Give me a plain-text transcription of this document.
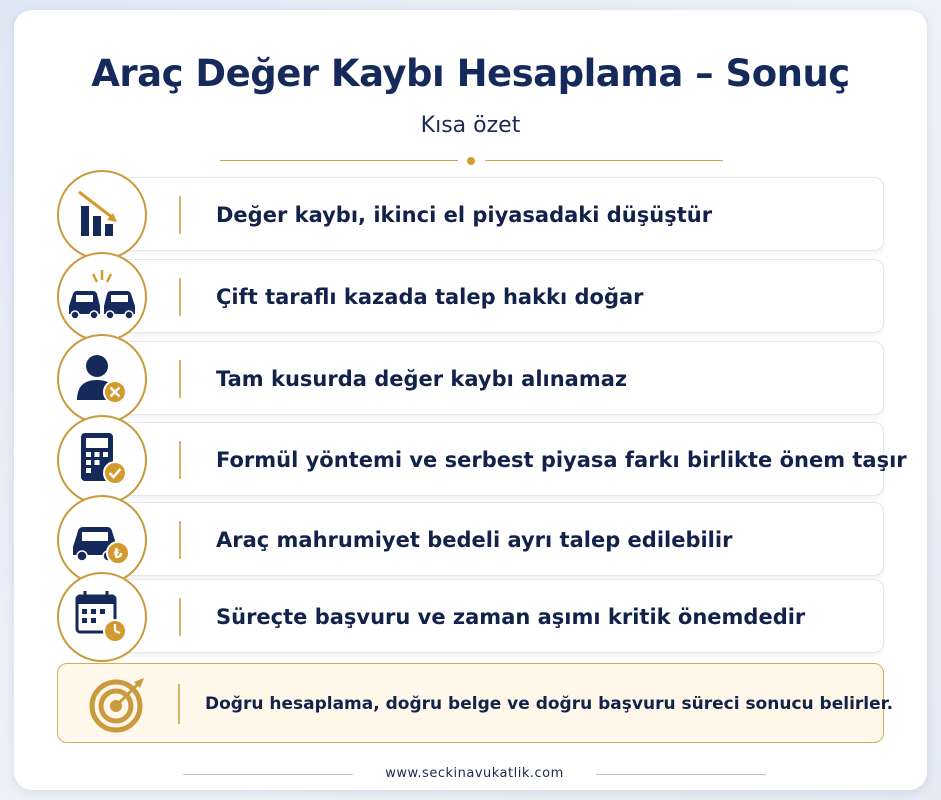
Araç Değer Kaybı Hesaplama – Sonuç
Kısa özet
Değer kaybı, ikinci el piyasadaki düşüştür
Çift taraflı kazada talep hakkı doğar
Tam kusurda değer kaybı alınamaz
Formül yöntemi ve serbest piyasa farkı birlikte önem taşır
Araç mahrumiyet bedeli ayrı talep edilebilir
₺
Süreçte başvuru ve zaman aşımı kritik önemdedir
Doğru hesaplama, doğru belge ve doğru başvuru süreci sonucu belirler.
www.seckinavukatlik.com
